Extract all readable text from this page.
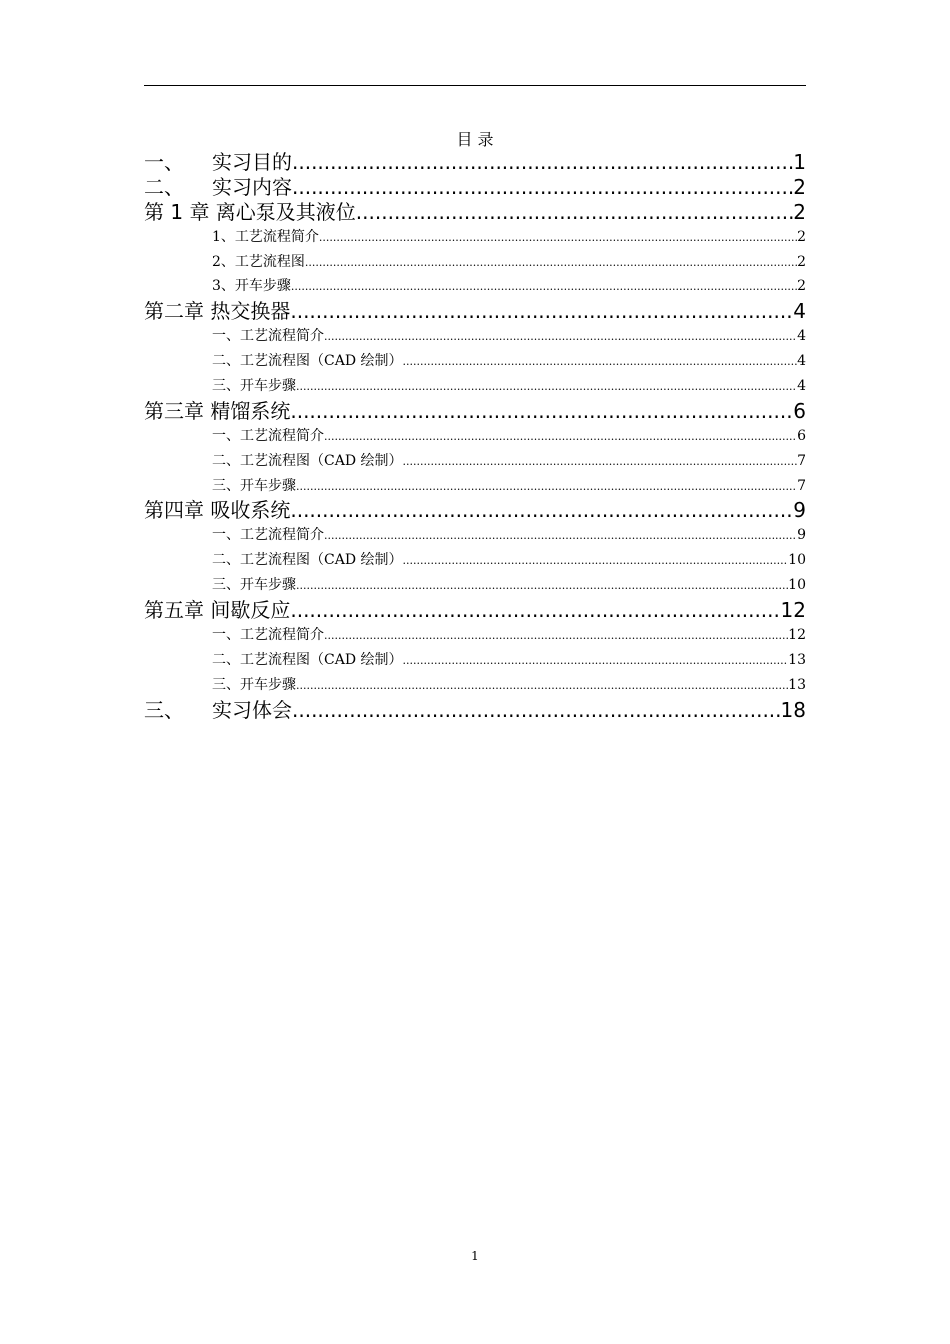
目 录
一、 实习目的 .....	1
二、 实习内容 .....	2
第 1 章 离心泵及其液位 .....	2
1、工艺流程简介 .....	2
2、工艺流程图 .....	2
3、开车步骤 .....	2
第二章 热交换器 .....	4
一、工艺流程简介 .....	4
二、工艺流程图（CAD 绘制） .....	4
三、开车步骤 .....	4
第三章 精馏系统 .....	6
一、工艺流程简介 .....	6
二、工艺流程图（CAD 绘制） .....	7
三、开车步骤 .....	7
第四章 吸收系统 .....	9
一、工艺流程简介 .....	9
二、工艺流程图（CAD 绘制） .....	10
三、开车步骤 .....	10
第五章 间歇反应 .....	12
一、工艺流程简介 .....	12
二、工艺流程图（CAD 绘制） .....	13
三、开车步骤 .....	13
三、 实习体会 .....	18
1
